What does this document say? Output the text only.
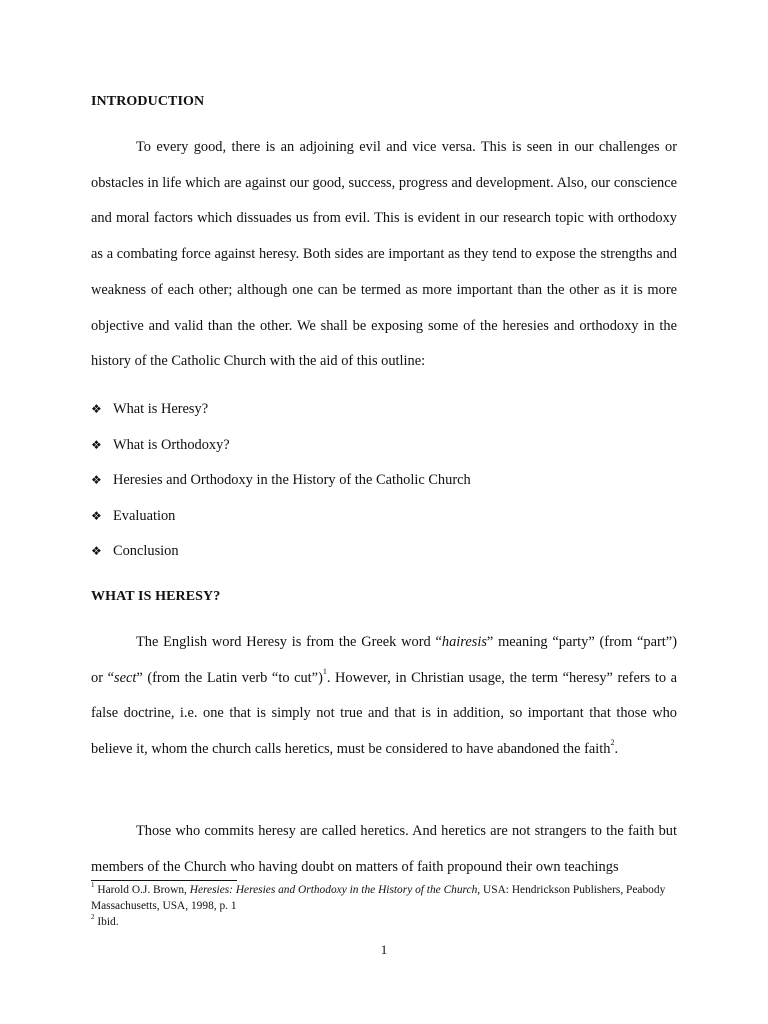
INTRODUCTION

To every good, there is an adjoining evil and vice versa. This is seen in our challenges or obstacles in life which are against our good, success, progress and development. Also, our conscience and moral factors which dissuades us from evil. This is evident in our research topic with orthodoxy as a combating force against heresy. Both sides are important as they tend to expose the strengths and weakness of each other; although one can be termed as more important than the other as it is more objective and valid than the other. We shall be exposing some of the heresies and orthodoxy in the history of the Catholic Church with the aid of this outline:

❖ What is Heresy?
❖ What is Orthodoxy?
❖ Heresies and Orthodoxy in the History of the Catholic Church
❖ Evaluation
❖ Conclusion
WHAT IS HERESY?

The English word Heresy is from the Greek word “hairesis” meaning “party” (from “part”) or “sect” (from the Latin verb “to cut”)$^1$. However, in Christian usage, the term “heresy” refers to a false doctrine, i.e. one that is simply not true and that is in addition, so important that those who believe it, whom the church calls heretics, must be considered to have abandoned the faith$^2$.

Those who commits heresy are called heretics. And heretics are not strangers to the faith but members of the Church who having doubt on matters of faith propound their own teachings

$^1$ Harold O.J. Brown, Heresies: Heresies and Orthodoxy in the History of the Church, USA: Hendrickson Publishers, Peabody Massachusetts, USA, 1998, p. 1
$^2$ Ibid.
1
